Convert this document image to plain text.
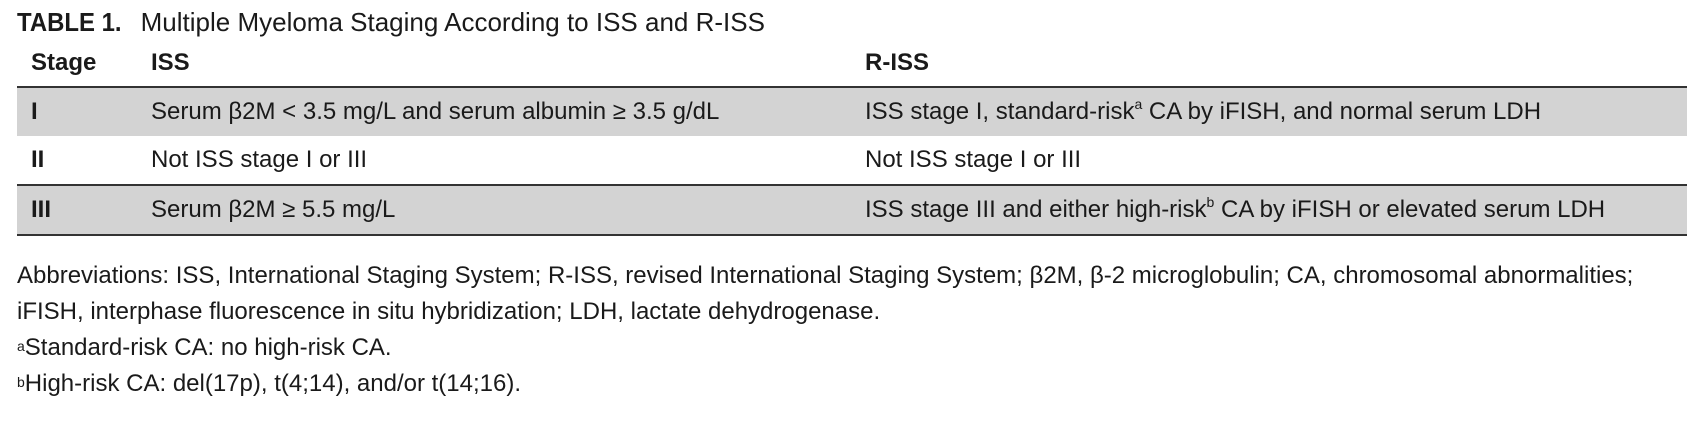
TABLE 1. Multiple Myeloma Staging According to ISS and R-ISS
Stage	ISS	R-ISS
I	Serum β2M < 3.5 mg/L and serum albumin ≥ 3.5 g/dL	ISS stage I, standard-risk$^a$ CA by iFISH, and normal serum LDH
II	Not ISS stage I or III	Not ISS stage I or III
III	Serum β2M ≥ 5.5 mg/L	ISS stage III and either high-risk$^b$ CA by iFISH or elevated serum LDH

Abbreviations: ISS, International Staging System; R-ISS, revised International Staging System; β2M, β-2 microglobulin; CA, chromosomal abnormalities; iFISH, interphase fluorescence in situ hybridization; LDH, lactate dehydrogenase.

$^a$Standard-risk CA: no high-risk CA.

$^b$High-risk CA: del(17p), t(4;14), and/or t(14;16).
